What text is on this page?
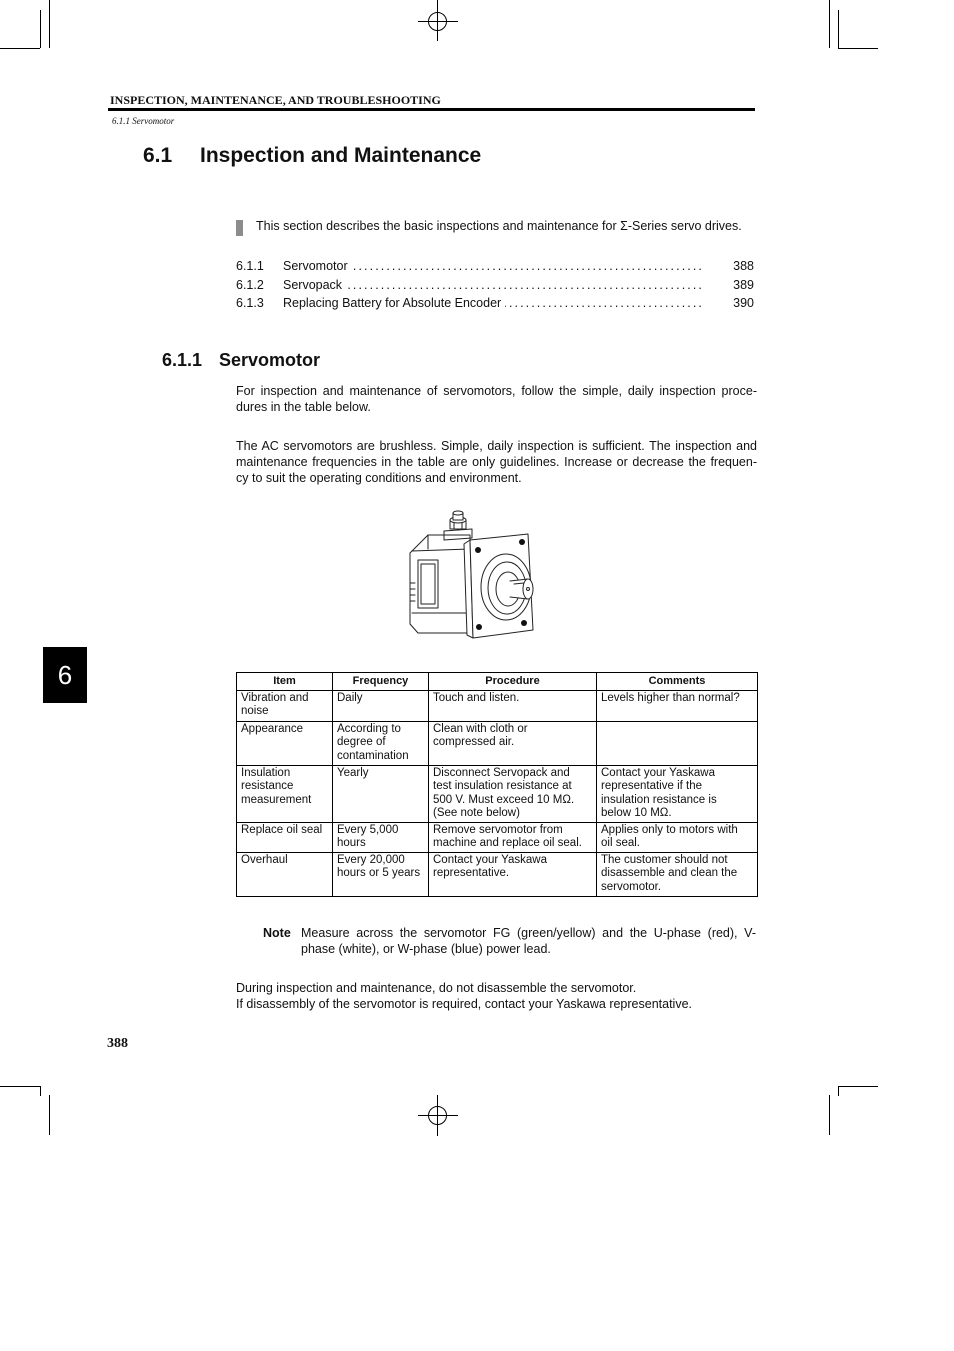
INSPECTION, MAINTENANCE, AND TROUBLESHOOTING
6.1.1 Servomotor
6.1 Inspection and Maintenance
This section describes the basic inspections and maintenance for Σ-Series servo drives.
6.1.1 Servomotor .....	388
6.1.2 Servopack .....	389
6.1.3 Replacing Battery for Absolute Encoder .....	390
6.1.1 Servomotor
For inspection and maintenance of servomotors, follow the simple, daily inspection proce-
dures in the table below.
The AC servomotors are brushless. Simple, daily inspection is sufficient. The inspection and
maintenance frequencies in the table are only guidelines. Increase or decrease the frequen-
cy to suit the operating conditions and environment.
6	Item	Frequency	Procedure	Comments
Vibration and
noise	Daily	Touch and listen.	Levels higher than normal?
Appearance	According to
degree of
contamination	Clean with cloth or
compressed air.	
Insulation
resistance
measurement	Yearly	Disconnect Servopack and
test insulation resistance at
500 V. Must exceed 10 MΩ.
(See note below)	Contact your Yaskawa
representative if the
insulation resistance is
below 10 MΩ.
Replace oil seal	Every 5,000
hours	Remove servomotor from
machine and replace oil seal.	Applies only to motors with
oil seal.
Overhaul	Every 20,000
hours or 5 years	Contact your Yaskawa
representative.	The customer should not
disassemble and clean the
servomotor.
Note Measure across the servomotor FG (green/yellow) and the U-phase (red), V-
phase (white), or W-phase (blue) power lead.
During inspection and maintenance, do not disassemble the servomotor.
If disassembly of the servomotor is required, contact your Yaskawa representative.
388
